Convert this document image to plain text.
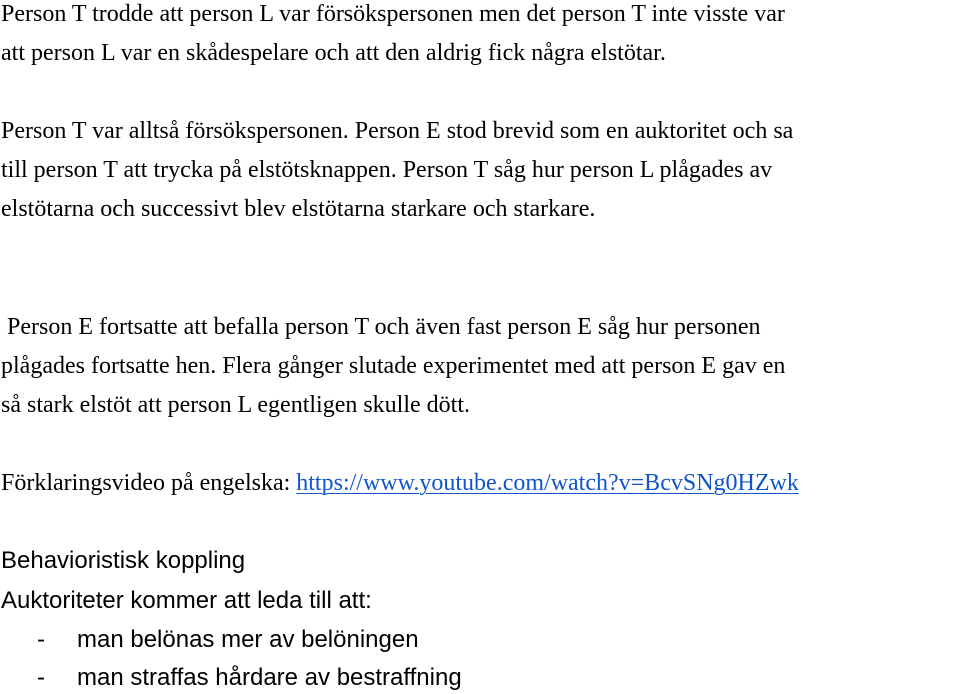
Person T trodde att person L var försökspersonen men det person T inte visste var

att person L var en skådespelare och att den aldrig fick några elstötar.

Person T var alltså försökspersonen. Person E stod brevid som en auktoritet och sa

till person T att trycka på elstötsknappen. Person T såg hur person L plågades av

elstötarna och successivt blev elstötarna starkare och starkare.

Person E fortsatte att befalla person T och även fast person E såg hur personen

plågades fortsatte hen. Flera gånger slutade experimentet med att person E gav en

så stark elstöt att person L egentligen skulle dött.

Förklaringsvideo på engelska: https://www.youtube.com/watch?v=BcvSNg0HZwk

Behavioristisk koppling

Auktoriteter kommer att leda till att:

- man belönas mer av belöningen
- man straffas hårdare av bestraffning
